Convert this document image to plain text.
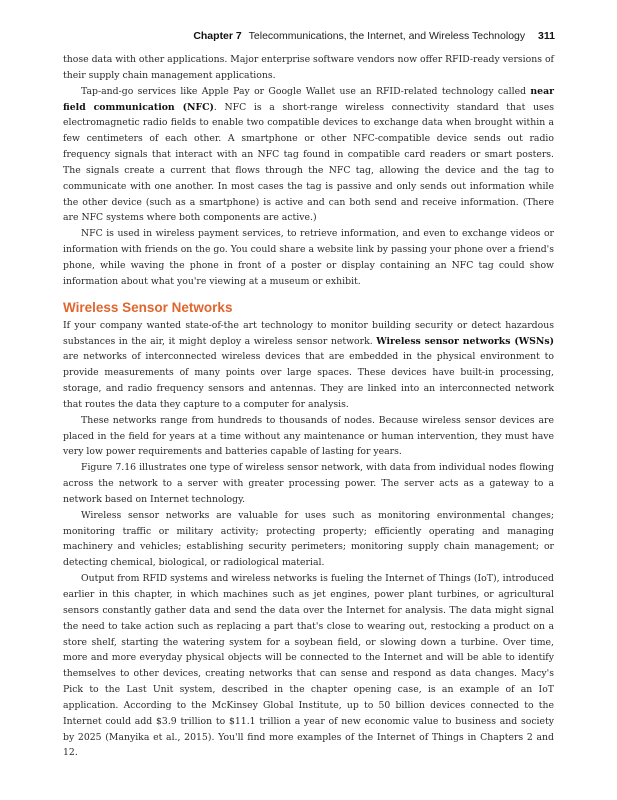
Chapter 7 Telecommunications, the Internet, and Wireless Technology 311

those data with other applications. Major enterprise software vendors now offer RFID-ready versions of their supply chain management applications.

Tap-and-go services like Apple Pay or Google Wallet use an RFID-related technology called near field communication (NFC). NFC is a short-range wireless connectivity standard that uses electromagnetic radio fields to enable two compatible devices to exchange data when brought within a few centimeters of each other. A smartphone or other NFC-compatible device sends out radio frequency signals that interact with an NFC tag found in compatible card readers or smart posters. The signals create a current that flows through the NFC tag, allowing the device and the tag to communicate with one another. In most cases the tag is passive and only sends out information while the other device (such as a smartphone) is active and can both send and receive information. (There are NFC systems where both components are active.)

NFC is used in wireless payment services, to retrieve information, and even to exchange videos or information with friends on the go. You could share a website link by passing your phone over a friend's phone, while waving the phone in front of a poster or display containing an NFC tag could show information about what you're viewing at a museum or exhibit.

Wireless Sensor Networks

If your company wanted state-of-the art technology to monitor building security or detect hazardous substances in the air, it might deploy a wireless sensor network. Wireless sensor networks (WSNs) are networks of interconnected wireless devices that are embedded in the physical environment to provide measurements of many points over large spaces. These devices have built-in processing, storage, and radio frequency sensors and antennas. They are linked into an interconnected network that routes the data they capture to a computer for analysis.

These networks range from hundreds to thousands of nodes. Because wireless sensor devices are placed in the field for years at a time without any maintenance or human intervention, they must have very low power requirements and batteries capable of lasting for years.

Figure 7.16 illustrates one type of wireless sensor network, with data from individual nodes flowing across the network to a server with greater processing power. The server acts as a gateway to a network based on Internet technology.

Wireless sensor networks are valuable for uses such as monitoring environmental changes; monitoring traffic or military activity; protecting property; efficiently operating and managing machinery and vehicles; establishing security perimeters; monitoring supply chain management; or detecting chemical, biological, or radiological material.

Output from RFID systems and wireless networks is fueling the Internet of Things (IoT), introduced earlier in this chapter, in which machines such as jet engines, power plant turbines, or agricultural sensors constantly gather data and send the data over the Internet for analysis. The data might signal the need to take action such as replacing a part that's close to wearing out, restocking a product on a store shelf, starting the watering system for a soybean field, or slowing down a turbine. Over time, more and more everyday physical objects will be connected to the Internet and will be able to identify themselves to other devices, creating networks that can sense and respond as data changes. Macy's Pick to the Last Unit system, described in the chapter opening case, is an example of an IoT application. According to the McKinsey Global Institute, up to 50 billion devices connected to the Internet could add $3.9 trillion to $11.1 trillion a year of new economic value to business and society by 2025 (Manyika et al., 2015). You'll find more examples of the Internet of Things in Chapters 2 and 12.
